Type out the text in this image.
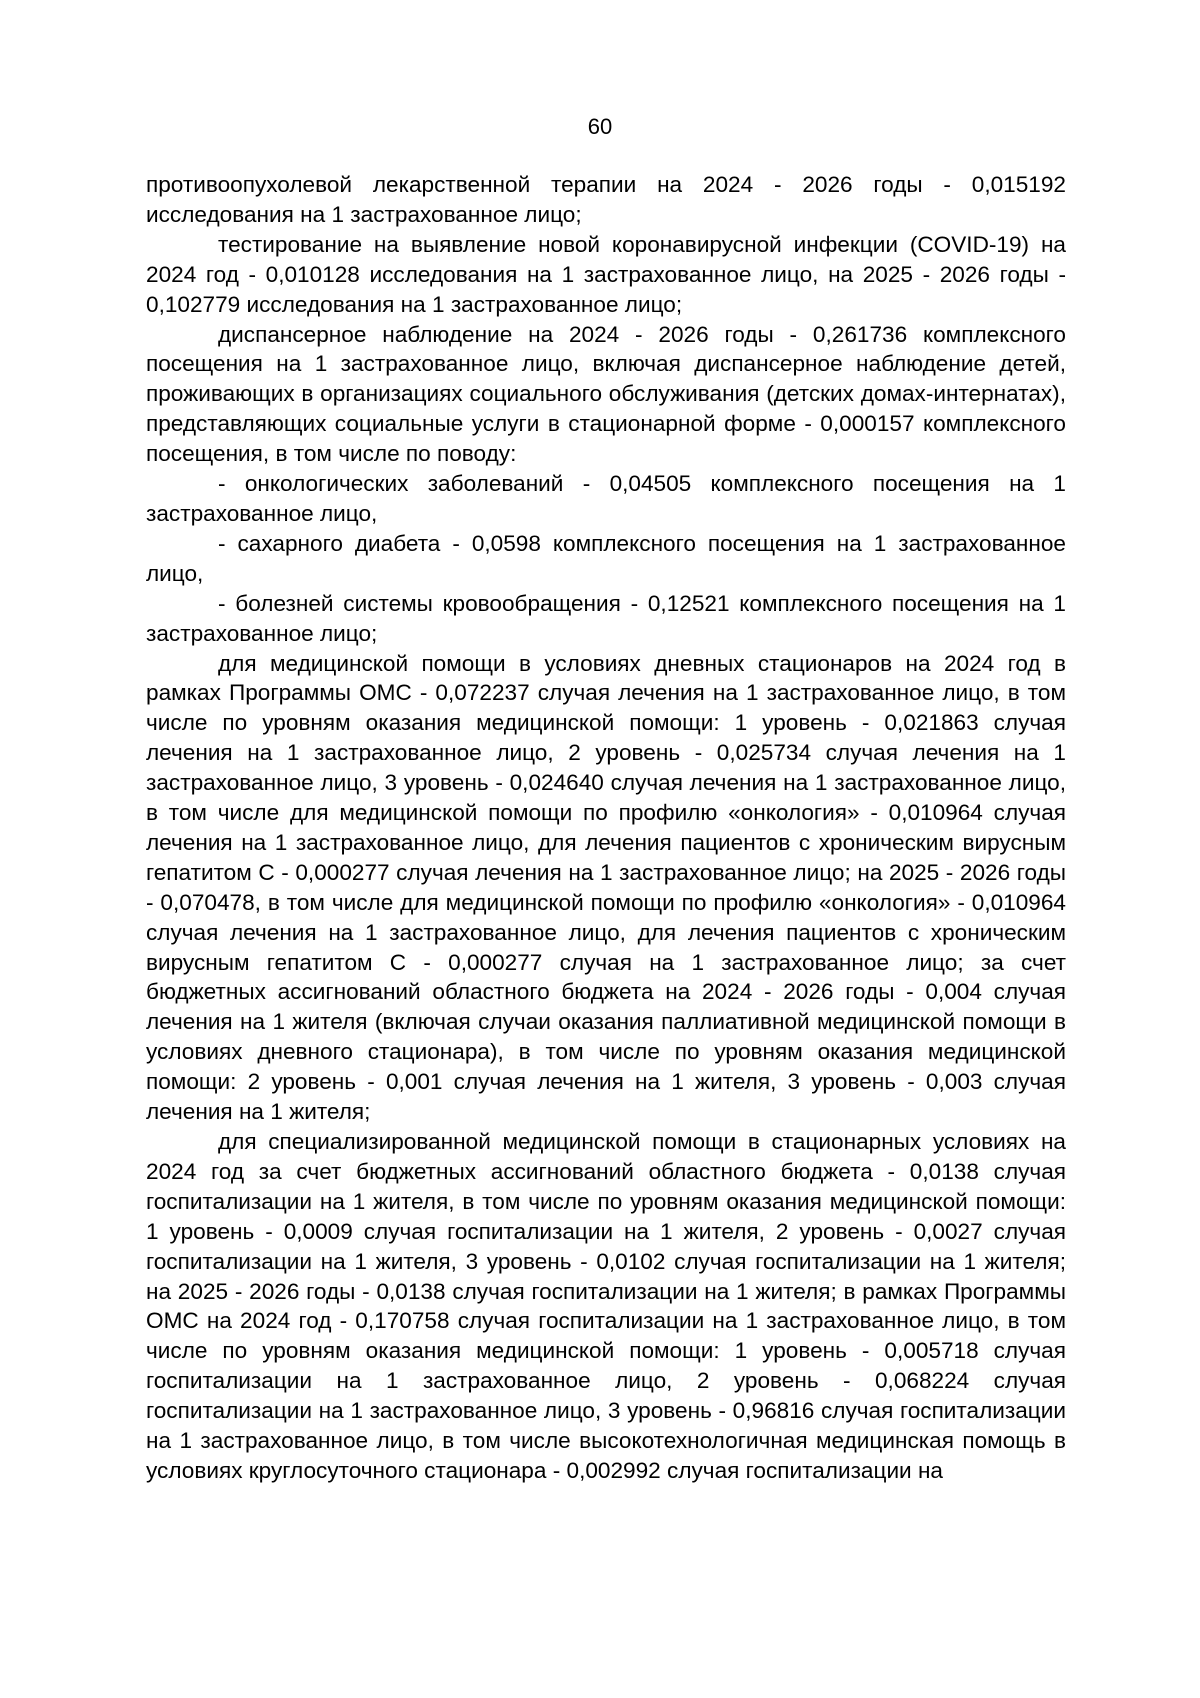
60

противоопухолевой лекарственной терапии на 2024 - 2026 годы - 0,015192 исследования на 1 застрахованное лицо;

тестирование на выявление новой коронавирусной инфекции (COVID-19) на 2024 год - 0,010128 исследования на 1 застрахованное лицо, на 2025 - 2026 годы - 0,102779 исследования на 1 застрахованное лицо;

диспансерное наблюдение на 2024 - 2026 годы - 0,261736 комплексного посещения на 1 застрахованное лицо, включая диспансерное наблюдение детей, проживающих в организациях социального обслуживания (детских домах-интернатах), представляющих социальные услуги в стационарной форме - 0,000157 комплексного посещения, в том числе по поводу:

- онкологических заболеваний - 0,04505 комплексного посещения на 1 застрахованное лицо,

- сахарного диабета - 0,0598 комплексного посещения на 1 застрахованное лицо,

- болезней системы кровообращения - 0,12521 комплексного посещения на 1 застрахованное лицо;

для медицинской помощи в условиях дневных стационаров на 2024 год в рамках Программы ОМС - 0,072237 случая лечения на 1 застрахованное лицо, в том числе по уровням оказания медицинской помощи: 1 уровень - 0,021863 случая лечения на 1 застрахованное лицо, 2 уровень - 0,025734 случая лечения на 1 застрахованное лицо, 3 уровень - 0,024640 случая лечения на 1 застрахованное лицо, в том числе для медицинской помощи по профилю «онкология» - 0,010964 случая лечения на 1 застрахованное лицо, для лечения пациентов с хроническим вирусным гепатитом С - 0,000277 случая лечения на 1 застрахованное лицо; на 2025 - 2026 годы - 0,070478, в том числе для медицинской помощи по профилю «онкология» - 0,010964 случая лечения на 1 застрахованное лицо, для лечения пациентов с хроническим вирусным гепатитом С - 0,000277 случая на 1 застрахованное лицо; за счет бюджетных ассигнований областного бюджета на 2024 - 2026 годы - 0,004 случая лечения на 1 жителя (включая случаи оказания паллиативной медицинской помощи в условиях дневного стационара), в том числе по уровням оказания медицинской помощи: 2 уровень - 0,001 случая лечения на 1 жителя, 3 уровень - 0,003 случая лечения на 1 жителя;

для специализированной медицинской помощи в стационарных условиях на 2024 год за счет бюджетных ассигнований областного бюджета - 0,0138 случая госпитализации на 1 жителя, в том числе по уровням оказания медицинской помощи: 1 уровень - 0,0009 случая госпитализации на 1 жителя, 2 уровень - 0,0027 случая госпитализации на 1 жителя, 3 уровень - 0,0102 случая госпитализации на 1 жителя; на 2025 - 2026 годы - 0,0138 случая госпитализации на 1 жителя; в рамках Программы ОМС на 2024 год - 0,170758 случая госпитализации на 1 застрахованное лицо, в том числе по уровням оказания медицинской помощи: 1 уровень - 0,005718 случая госпитализации на 1 застрахованное лицо, 2 уровень - 0,068224 случая госпитализации на 1 застрахованное лицо, 3 уровень - 0,96816 случая госпитализации на 1 застрахованное лицо, в том числе высокотехнологичная медицинская помощь в условиях круглосуточного стационара - 0,002992 случая госпитализации на
